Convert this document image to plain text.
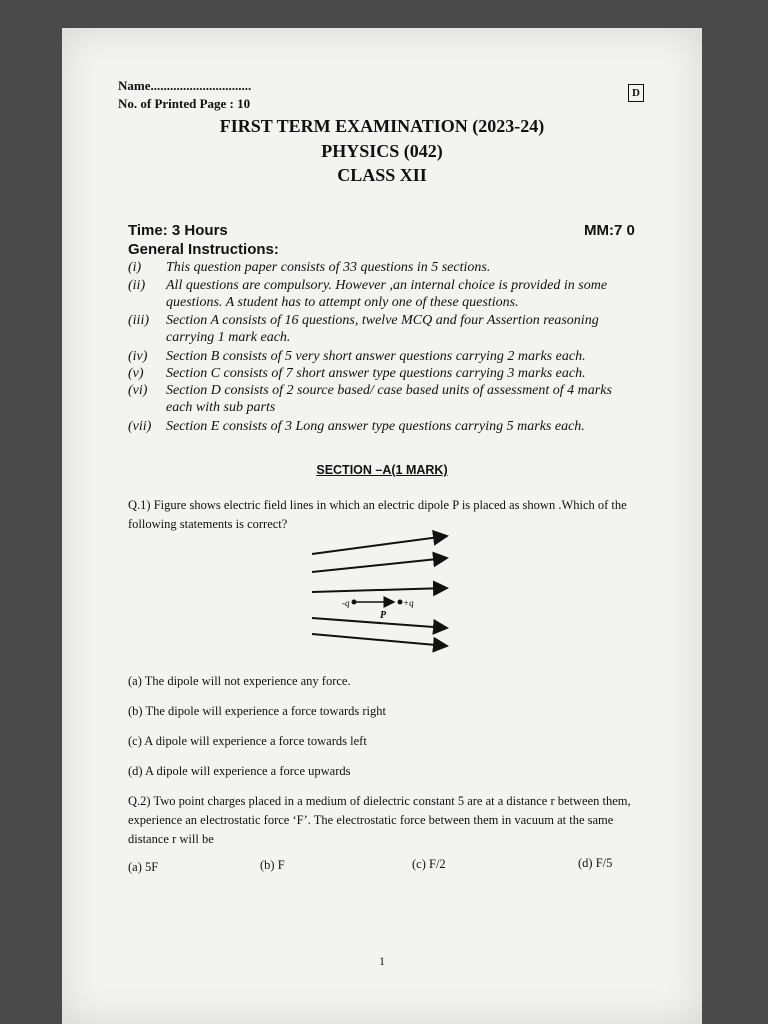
Name...............................
No. of Printed Page : 10
D
FIRST TERM EXAMINATION (2023-24)
PHYSICS (042)
CLASS XII
Time: 3 Hours	MM:7 0
General Instructions:
(i) This question paper consists of 33 questions in 5 sections.
(ii) All questions are compulsory. However ,an internal choice is provided in some questions. A student has to attempt only one of these questions.
(iii) Section A consists of 16 questions, twelve MCQ and four Assertion reasoning carrying 1 mark each.
(iv) Section B consists of 5 very short answer questions carrying 2 marks each.
(v) Section C consists of 7 short answer type questions carrying 3 marks each.
(vi) Section D consists of 2 source based/ case based units of assessment of 4 marks each with sub parts
(vii) Section E consists of 3 Long answer type questions carrying 5 marks each.
SECTION –A(1 MARK)
Q.1) Figure shows electric field lines in which an electric dipole P is placed as shown .Which of the following statements is correct?
-q	+q
P
(a) The dipole will not experience any force.
(b) The dipole will experience a force towards right
(c) A dipole will experience a force towards left
(d) A dipole will experience a force upwards
Q.2) Two point charges placed in a medium of dielectric constant 5 are at a distance r between them, experience an electrostatic force ‘F’. The electrostatic force between them in vacuum at the same distance r will be
(a) 5F	(b) F	(c) F/2	(d) F/5
1
